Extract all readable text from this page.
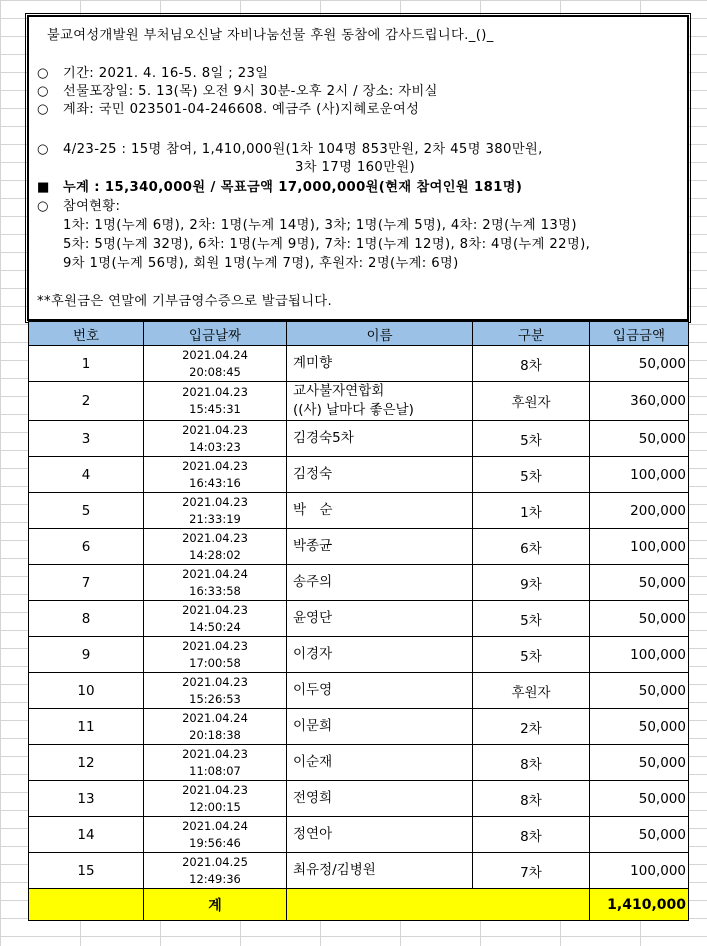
불교여성개발원 부처님오신날 자비나눔선물 후원 동참에 감사드립니다._()_
○ 기간: 2021. 4. 16-5. 8일 ; 23일
○ 선물포장일: 5. 13(목) 오전 9시 30분-오후 2시 / 장소: 자비실
○ 계좌: 국민 023501-04-246608. 예금주 (사)지혜로운여성
○ 4/23-25 : 15명 참여, 1,410,000원(1차 104명 853만원, 2차 45명 380만원,
3차 17명 160만원)
■ 누계 : 15,340,000원 / 목표금액 17,000,000원(현재 참여인원 181명)
○ 참여현황:
1차: 1명(누계 6명), 2차: 1명(누계 14명), 3차; 1명(누계 5명), 4차: 2명(누계 13명)
5차: 5명(누계 32명), 6차: 1명(누계 9명), 7차: 1명(누계 12명), 8차: 4명(누계 22명),
9차 1명(누계 56명), 회원 1명(누계 7명), 후원자: 2명(누계: 6명)
**후원금은 연말에 기부금영수증으로 발급됩니다.
번호	입금날짜	이름	구분	입금금액
1	2021.04.24
20:08:45	계미향	8차	50,000
2	2021.04.23
15:45:31	교사불자연합회
((사) 날마다 좋은날)	후원자	360,000
3	2021.04.23
14:03:23	김경숙5차	5차	50,000
4	2021.04.23
16:43:16	김정숙	5차	100,000
5	2021.04.23
21:33:19	박　순	1차	200,000
6	2021.04.23
14:28:02	박종균	6차	100,000
7	2021.04.24
16:33:58	송주의	9차	50,000
8	2021.04.23
14:50:24	윤영단	5차	50,000
9	2021.04.23
17:00:58	이경자	5차	100,000
10	2021.04.23
15:26:53	이두영	후원자	50,000
11	2021.04.24
20:18:38	이문희	2차	50,000
12	2021.04.23
11:08:07	이순재	8차	50,000
13	2021.04.23
12:00:15	전영희	8차	50,000
14	2021.04.24
19:56:46	정연아	8차	50,000
15	2021.04.25
12:49:36	최유정/김병원	7차	100,000
	계			1,410,000
